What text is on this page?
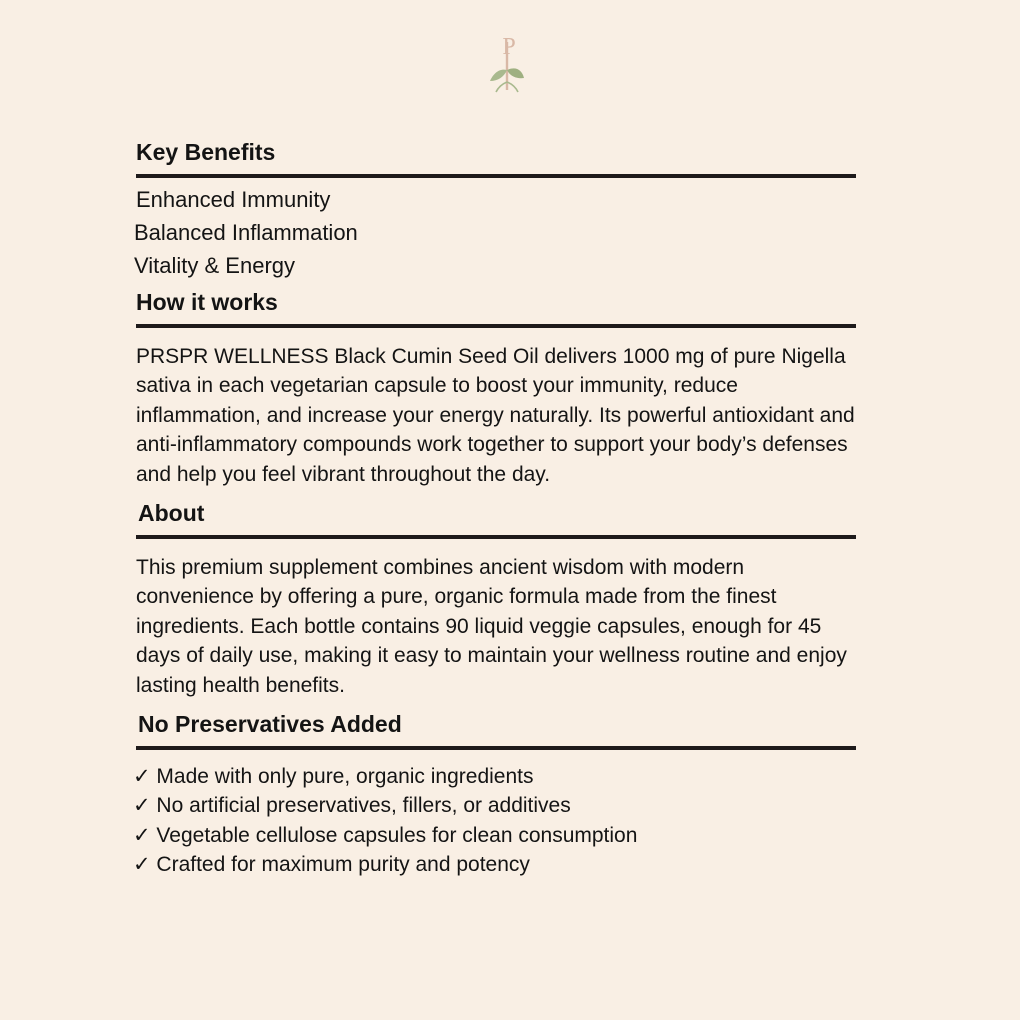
P
Key Benefits
Enhanced Immunity
Balanced Inflammation
Vitality & Energy
How it works

PRSPR WELLNESS Black Cumin Seed Oil delivers 1000 mg of pure Nigella sativa in each vegetarian capsule to boost your immunity, reduce inflammation, and increase your energy naturally. Its powerful antioxidant and anti-inflammatory compounds work together to support your body’s defenses and help you feel vibrant throughout the day.

About

This premium supplement combines ancient wisdom with modern convenience by offering a pure, organic formula made from the finest ingredients. Each bottle contains 90 liquid veggie capsules, enough for 45 days of daily use, making it easy to maintain your wellness routine and enjoy lasting health benefits.

No Preservatives Added
✓ Made with only pure, organic ingredients
✓ No artificial preservatives, fillers, or additives
✓ Vegetable cellulose capsules for clean consumption
✓ Crafted for maximum purity and potency
